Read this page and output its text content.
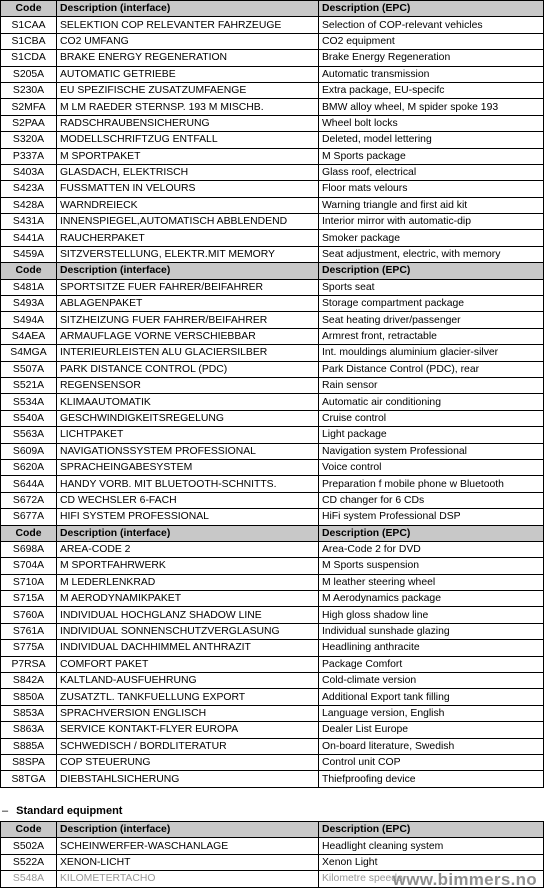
Code	Description (interface)	Description (EPC)
S1CAA	SELEKTION COP RELEVANTER FAHRZEUGE	Selection of COP-relevant vehicles
S1CBA	CO2 UMFANG	CO2 equipment
S1CDA	BRAKE ENERGY REGENERATION	Brake Energy Regeneration
S205A	AUTOMATIC GETRIEBE	Automatic transmission
S230A	EU SPEZIFISCHE ZUSATZUMFAENGE	Extra package, EU-specifc
S2MFA	M LM RAEDER STERNSP. 193 M MISCHB.	BMW alloy wheel, M spider spoke 193
S2PAA	RADSCHRAUBENSICHERUNG	Wheel bolt locks
S320A	MODELLSCHRIFTZUG ENTFALL	Deleted, model lettering
P337A	M SPORTPAKET	M Sports package
S403A	GLASDACH, ELEKTRISCH	Glass roof, electrical
S423A	FUSSMATTEN IN VELOURS	Floor mats velours
S428A	WARNDREIECK	Warning triangle and first aid kit
S431A	INNENSPIEGEL,AUTOMATISCH ABBLENDEND	Interior mirror with automatic-dip
S441A	RAUCHERPAKET	Smoker package
S459A	SITZVERSTELLUNG, ELEKTR.MIT MEMORY	Seat adjustment, electric, with memory
Code	Description (interface)	Description (EPC)
S481A	SPORTSITZE FUER FAHRER/BEIFAHRER	Sports seat
S493A	ABLAGENPAKET	Storage compartment package
S494A	SITZHEIZUNG FUER FAHRER/BEIFAHRER	Seat heating driver/passenger
S4AEA	ARMAUFLAGE VORNE VERSCHIEBBAR	Armrest front, retractable
S4MGA	INTERIEURLEISTEN ALU GLACIERSILBER	Int. mouldings aluminium glacier-silver
S507A	PARK DISTANCE CONTROL (PDC)	Park Distance Control (PDC), rear
S521A	REGENSENSOR	Rain sensor
S534A	KLIMAAUTOMATIK	Automatic air conditioning
S540A	GESCHWINDIGKEITSREGELUNG	Cruise control
S563A	LICHTPAKET	Light package
S609A	NAVIGATIONSSYSTEM PROFESSIONAL	Navigation system Professional
S620A	SPRACHEINGABESYSTEM	Voice control
S644A	HANDY VORB. MIT BLUETOOTH-SCHNITTS.	Preparation f mobile phone w Bluetooth
S672A	CD WECHSLER 6-FACH	CD changer for 6 CDs
S677A	HIFI SYSTEM PROFESSIONAL	HiFi system Professional DSP
Code	Description (interface)	Description (EPC)
S698A	AREA-CODE 2	Area-Code 2 for DVD
S704A	M SPORTFAHRWERK	M Sports suspension
S710A	M LEDERLENKRAD	M leather steering wheel
S715A	M AERODYNAMIKPAKET	M Aerodynamics package
S760A	INDIVIDUAL HOCHGLANZ SHADOW LINE	High gloss shadow line
S761A	INDIVIDUAL SONNENSCHUTZVERGLASUNG	Individual sunshade glazing
S775A	INDIVIDUAL DACHHIMMEL ANTHRAZIT	Headlining anthracite
P7RSA	COMFORT PAKET	Package Comfort
S842A	KALTLAND-AUSFUEHRUNG	Cold-climate version
S850A	ZUSATZTL. TANKFUELLUNG EXPORT	Additional Export tank filling
S853A	SPRACHVERSION ENGLISCH	Language version, English
S863A	SERVICE KONTAKT-FLYER EUROPA	Dealer List Europe
S885A	SCHWEDISCH / BORDLITERATUR	On-board literature, Swedish
S8SPA	COP STEUERUNG	Control unit COP
S8TGA	DIEBSTAHLSICHERUNG	Thiefproofing device
– Standard equipment
Code	Description (interface)	Description (EPC)
S502A	SCHEINWERFER-WASCHANLAGE	Headlight cleaning system
S522A	XENON-LICHT	Xenon Light
S548A	KILOMETERTACHO	Kilometre speedo
www.bimmers.no
